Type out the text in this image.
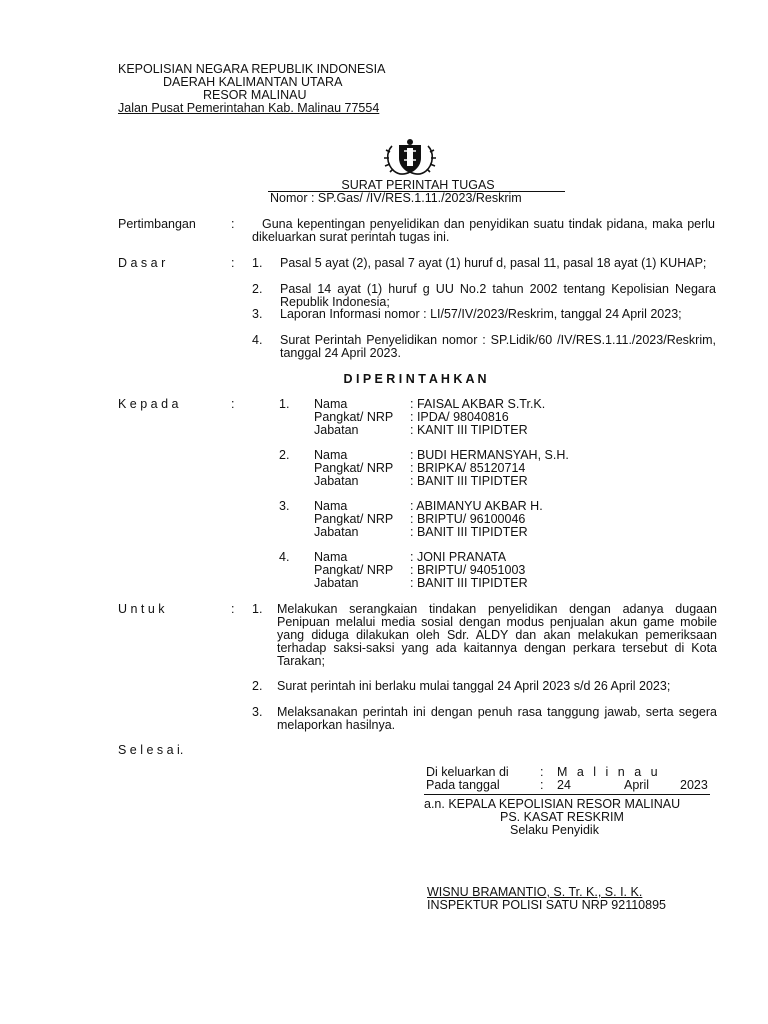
KEPOLISIAN NEGARA REPUBLIK INDONESIA
DAERAH KALIMANTAN UTARA
RESOR MALINAU
Jalan Pusat Pemerintahan Kab. Malinau 77554
SURAT PERINTAH TUGAS
Nomor : SP.Gas/ /IV/RES.1.11./2023/Reskrim
Pertimbangan	:	Guna kepentingan penyelidikan dan penyidikan suatu tindak pidana, maka perlu dikeluarkan surat perintah tugas ini.
D a s a r	: 1. Pasal 5 ayat (2), pasal 7 ayat (1) huruf d, pasal 11, pasal 18 ayat (1) KUHAP;
2. Pasal 14 ayat (1) huruf g UU No.2 tahun 2002 tentang Kepolisian Negara Republik Indonesia;
3. Laporan Informasi nomor : LI/57/IV/2023/Reskrim, tanggal 24 April 2023;
4. Surat Perintah Penyelidikan nomor : SP.Lidik/60 /IV/RES.1.11./2023/Reskrim, tanggal 24 April 2023.
D I P E R I N T A H K A N
K e p a d a	:	1. Nama	: FAISAL AKBAR S.Tr.K.
Pangkat/ NRP : IPDA/ 98040816
Jabatan	: KANIT III TIPIDTER
2. Nama	: BUDI HERMANSYAH, S.H.
Pangkat/ NRP : BRIPKA/ 85120714
Jabatan	: BANIT III TIPIDTER
3. Nama	: ABIMANYU AKBAR H.
Pangkat/ NRP : BRIPTU/ 96100046
Jabatan	: BANIT III TIPIDTER
4. Nama	: JONI PRANATA
Pangkat/ NRP : BRIPTU/ 94051003
Jabatan	: BANIT III TIPIDTER
U n t u k	: 1. Melakukan serangkaian tindakan penyelidikan dengan adanya dugaan Penipuan melalui media sosial dengan modus penjualan akun game mobile yang diduga dilakukan oleh Sdr. ALDY dan akan melakukan pemeriksaan terhadap saksi-saksi yang ada kaitannya dengan perkara tersebut di Kota Tarakan;
2. Surat perintah ini berlaku mulai tanggal 24 April 2023 s/d 26 April 2023;
3. Melaksanakan perintah ini dengan penuh rasa tanggung jawab, serta segera melaporkan hasilnya.
S e l e s a i.
Di keluarkan di	: M a l i n a u
Pada tanggal	: 24	April 2023
a.n. KEPALA KEPOLISIAN RESOR MALINAU
PS. KASAT RESKRIM
Selaku Penyidik
WISNU BRAMANTIO, S. Tr. K., S. I. K.
INSPEKTUR POLISI SATU NRP 92110895
